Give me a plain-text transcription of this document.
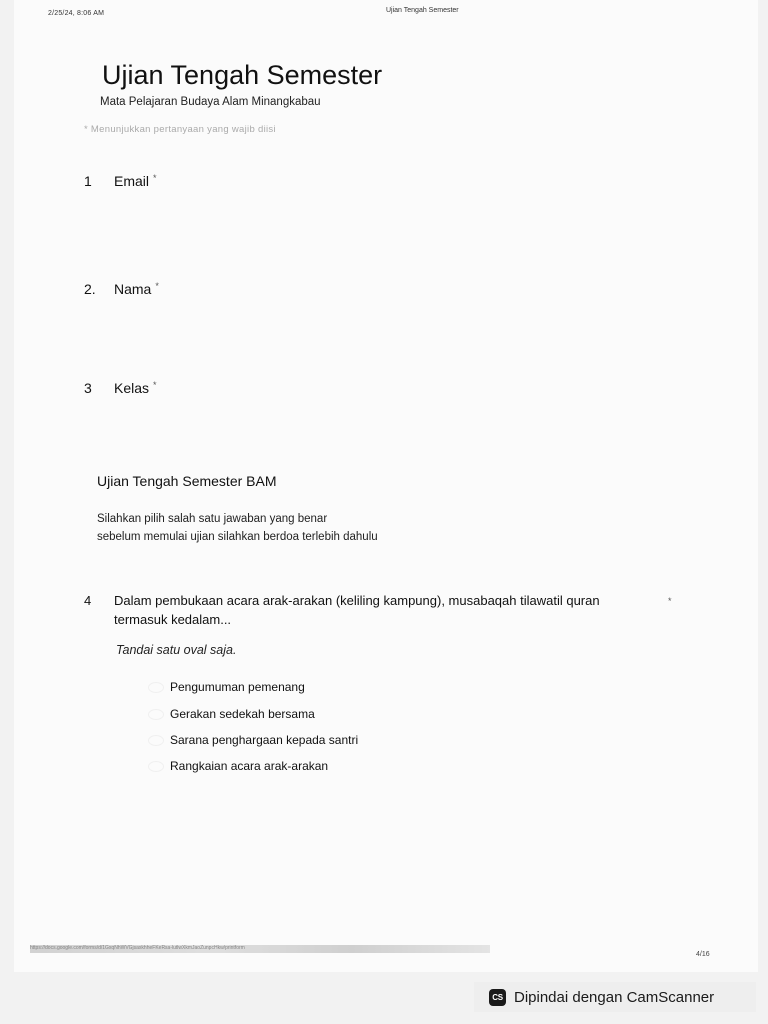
2/25/24, 8:06 AM	Ujian Tengah Semester
Ujian Tengah Semester
Mata Pelajaran Budaya Alam Minangkabau
* Menunjukkan pertanyaan yang wajib diisi
1 Email *
2. Nama *
3 Kelas *
Ujian Tengah Semester BAM
Silahkan pilih salah satu jawaban yang benar
sebelum memulai ujian silahkan berdoa terlebih dahulu
4 Dalam pembukaan acara arak-arakan (keliling kampung), musabaqah tilawatil quran termasuk kedalam...
*
Tandai satu oval saja.
Pengumuman pemenang
Gerakan sedekah bersama
Sarana penghargaan kepada santri
Rangkaian acara arak-arakan
https://docs.google.com/forms/d/1GxqNhWVGjsaxkhheFKeRsa-lutlwXkmJaoZunpcHkw/printform
4/16
CS Dipindai dengan CamScanner
